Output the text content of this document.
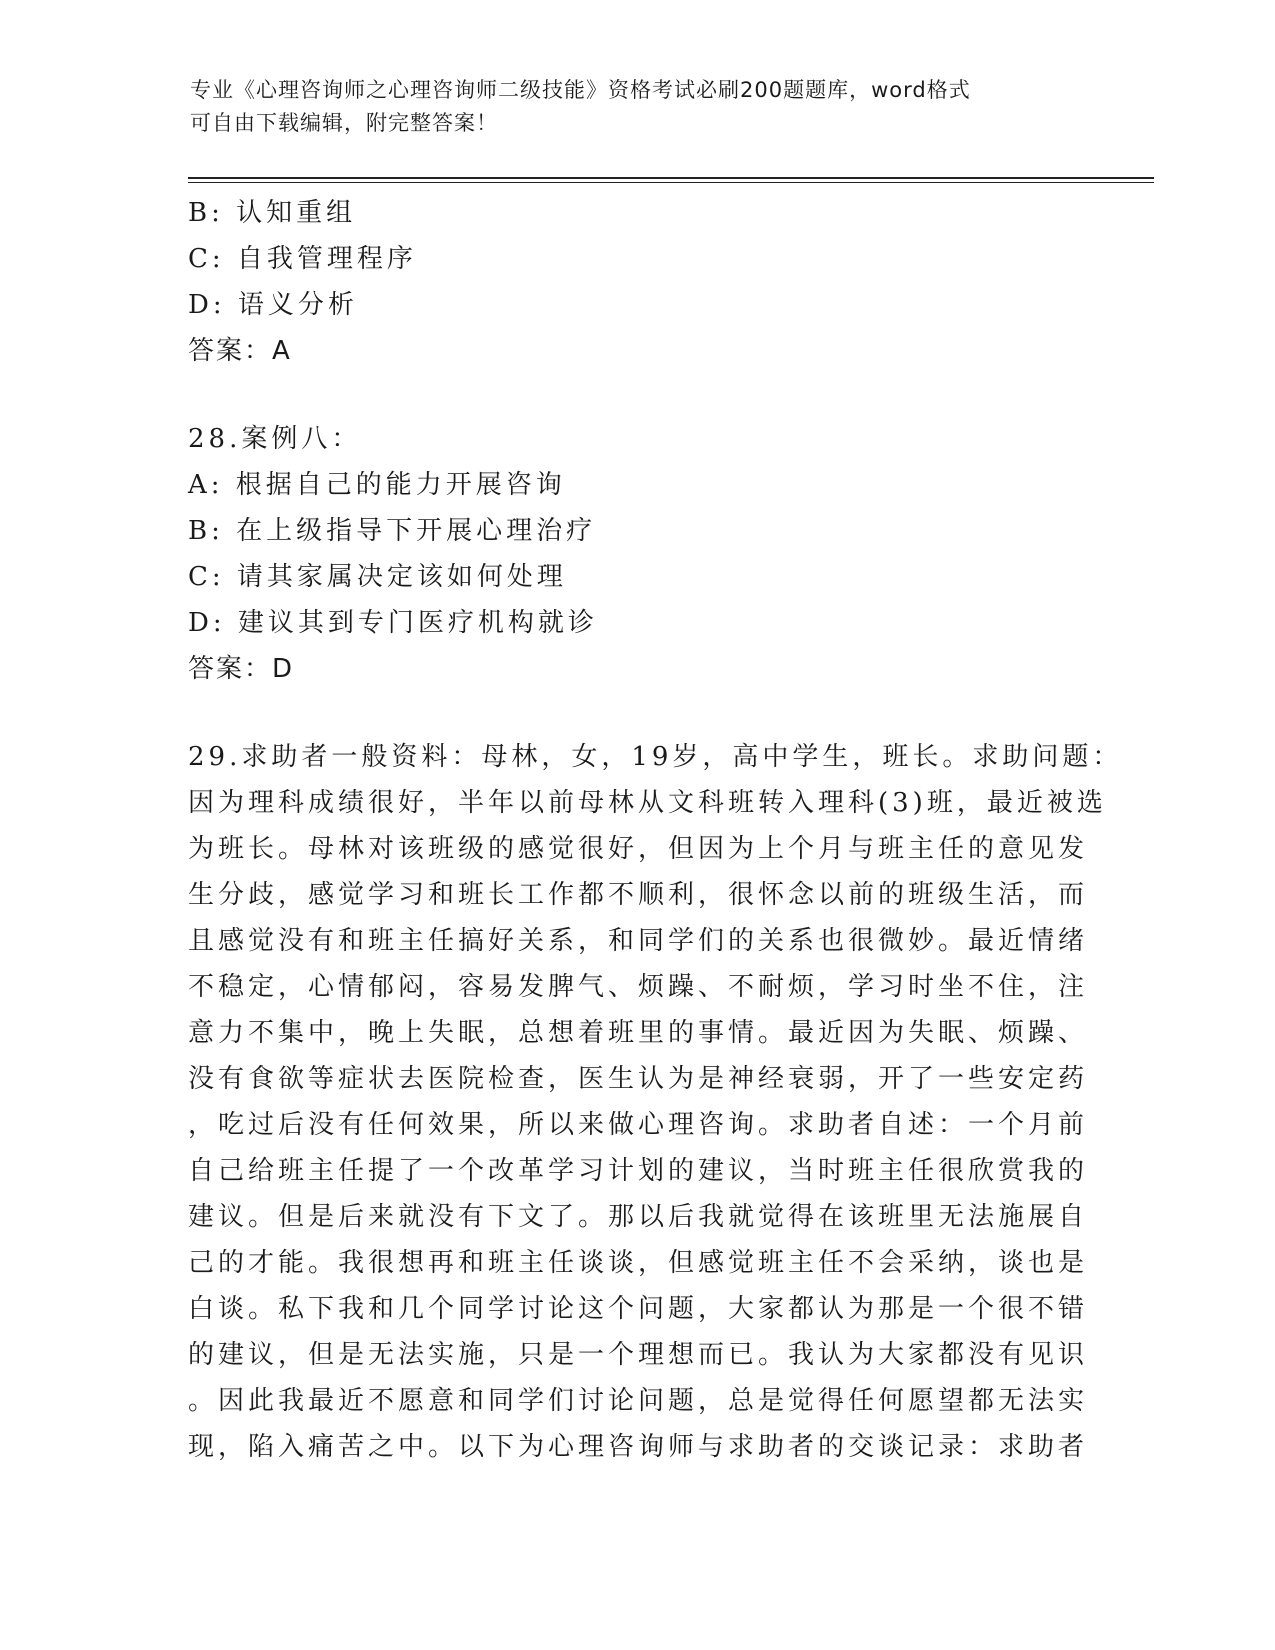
专业《心理咨询师之心理咨询师二级技能》资格考试必刷200题题库，word格式
可自由下载编辑，附完整答案！
B: 认知重组
C: 自我管理程序
D: 语义分析
答案：A
28.案例八：
A: 根据自己的能力开展咨询
B: 在上级指导下开展心理治疗
C: 请其家属决定该如何处理
D: 建议其到专门医疗机构就诊
答案：D
29.求助者一般资料：母林，女，19岁，高中学生，班长。求助问题：
因为理科成绩很好，半年以前母林从文科班转入理科(3)班，最近被选
为班长。母林对该班级的感觉很好，但因为上个月与班主任的意见发
生分歧，感觉学习和班长工作都不顺利，很怀念以前的班级生活，而
且感觉没有和班主任搞好关系，和同学们的关系也很微妙。最近情绪
不稳定，心情郁闷，容易发脾气、烦躁、不耐烦，学习时坐不住，注
意力不集中，晚上失眠，总想着班里的事情。最近因为失眠、烦躁、
没有食欲等症状去医院检查，医生认为是神经衰弱，开了一些安定药
，吃过后没有任何效果，所以来做心理咨询。求助者自述：一个月前
自己给班主任提了一个改革学习计划的建议，当时班主任很欣赏我的
建议。但是后来就没有下文了。那以后我就觉得在该班里无法施展自
己的才能。我很想再和班主任谈谈，但感觉班主任不会采纳，谈也是
白谈。私下我和几个同学讨论这个问题，大家都认为那是一个很不错
的建议，但是无法实施，只是一个理想而已。我认为大家都没有见识
。因此我最近不愿意和同学们讨论问题，总是觉得任何愿望都无法实
现，陷入痛苦之中。以下为心理咨询师与求助者的交谈记录：求助者
